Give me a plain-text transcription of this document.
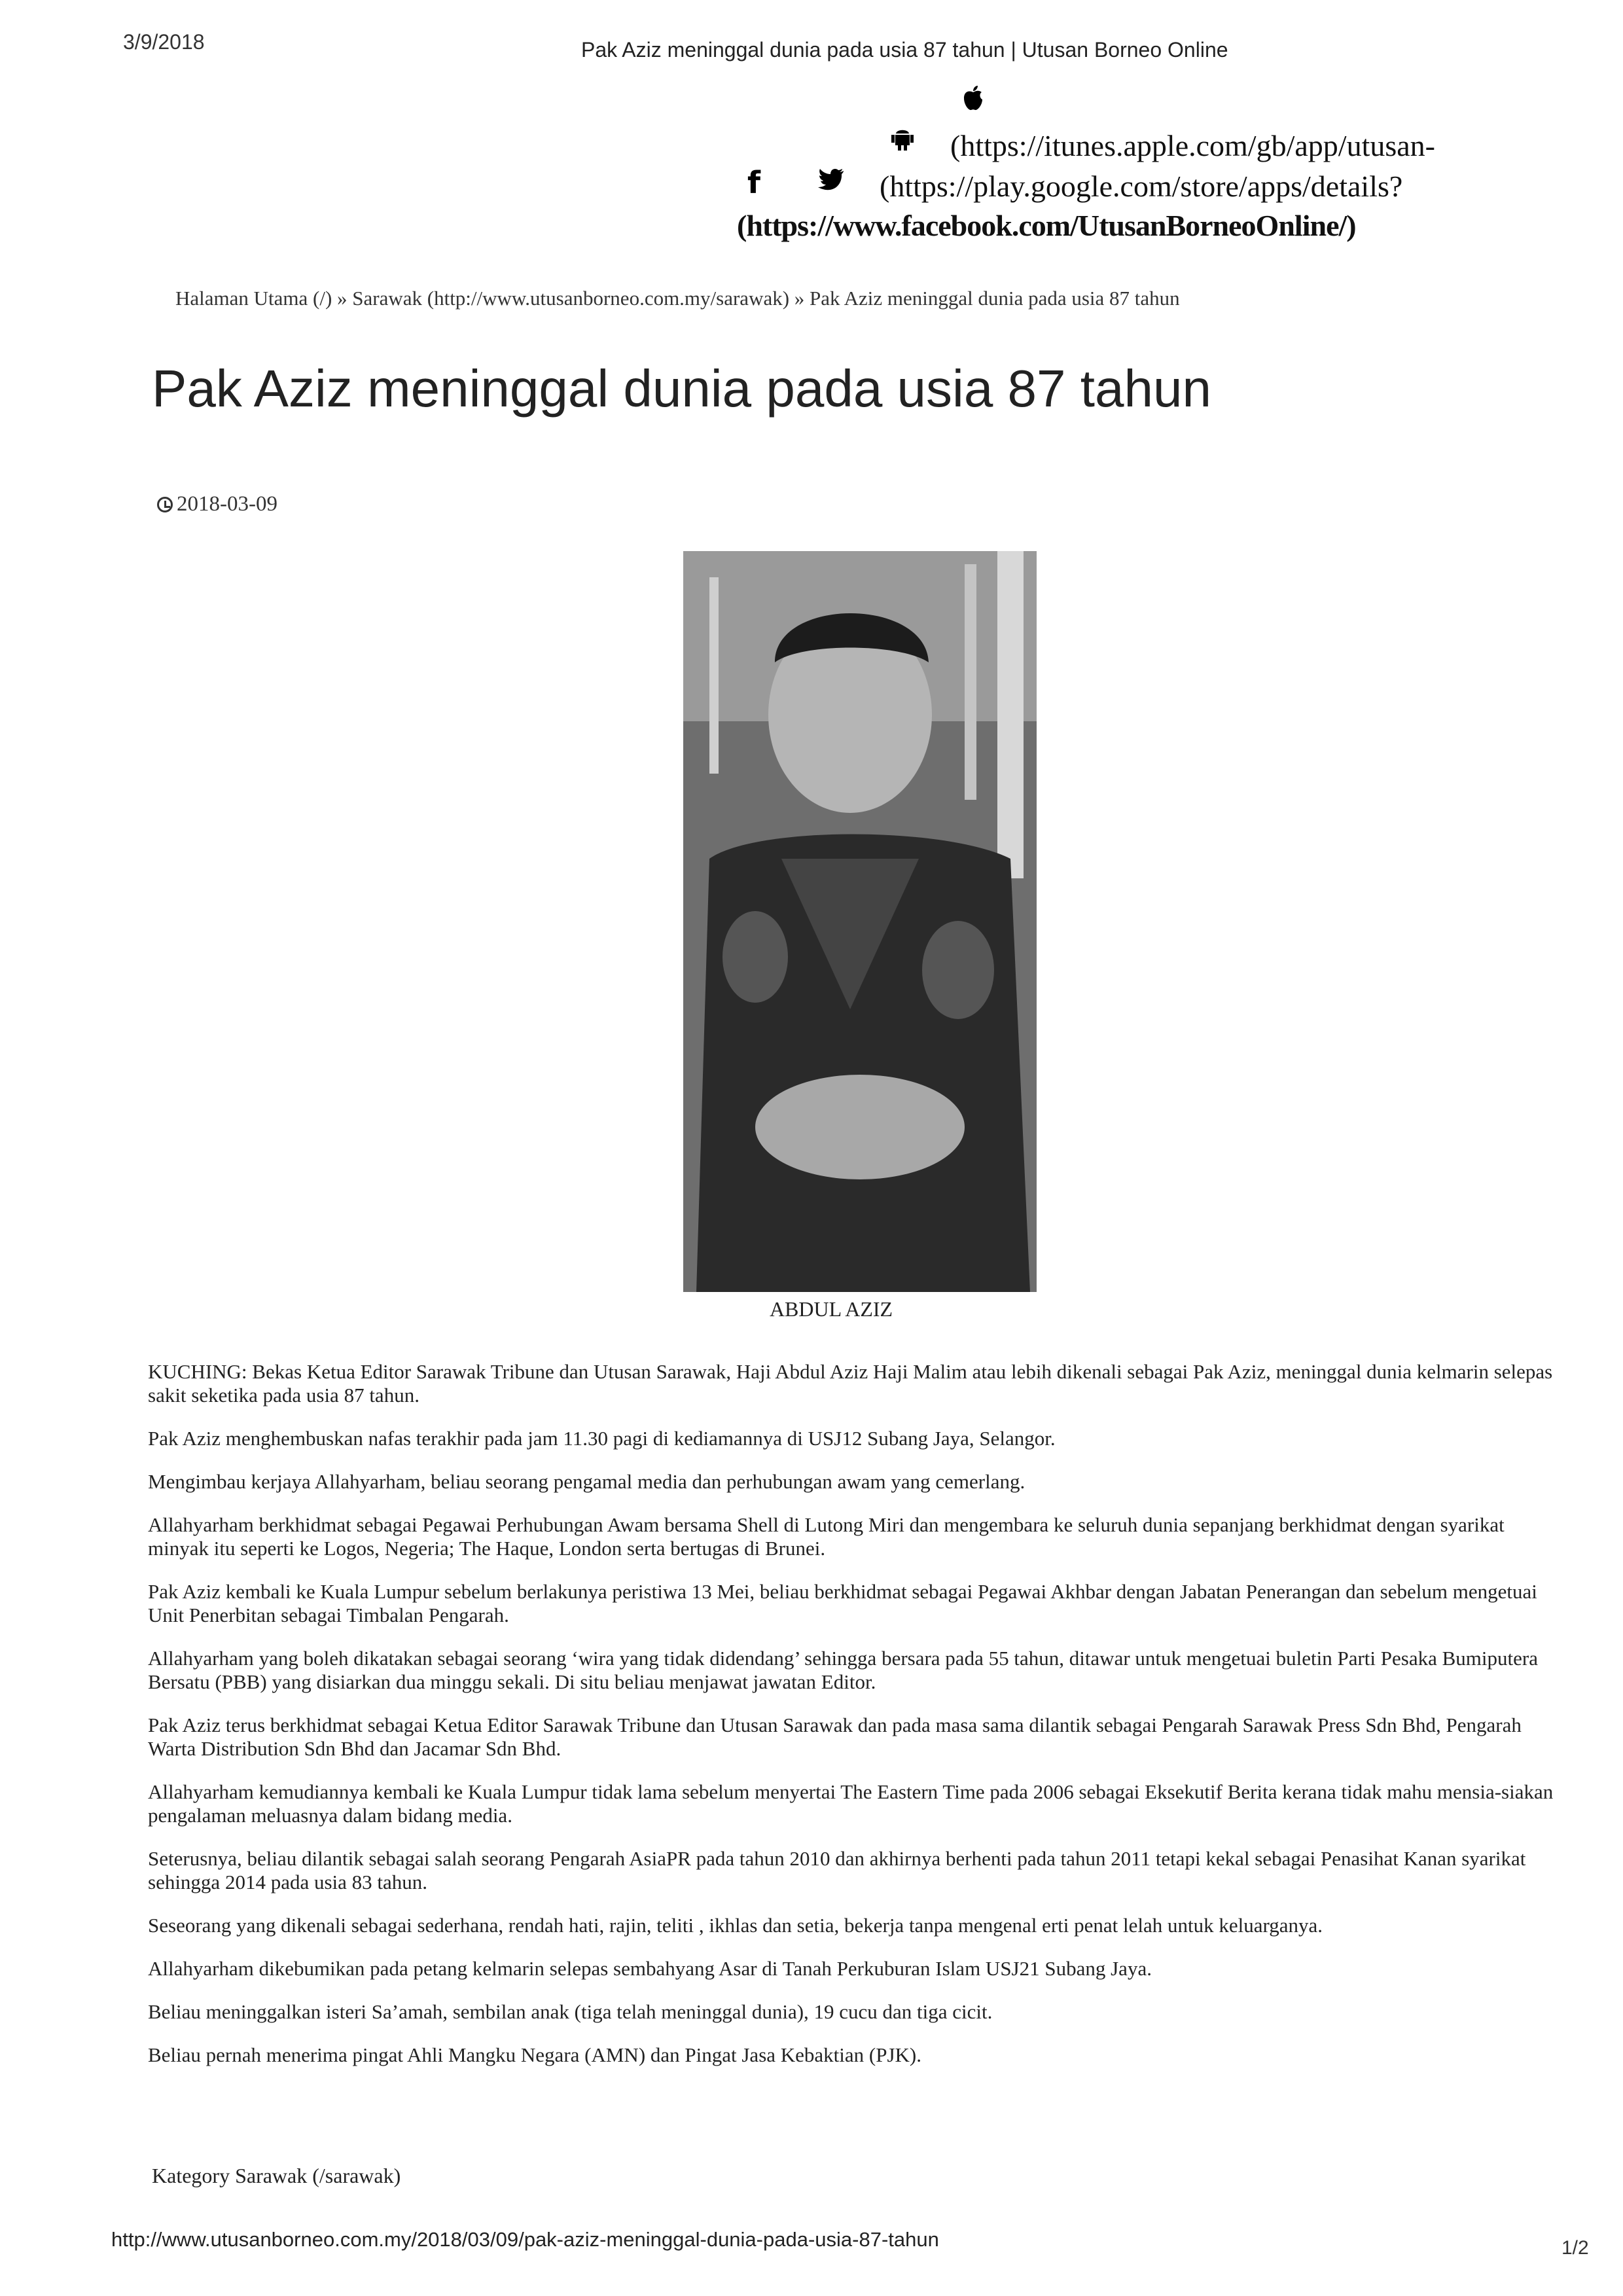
3/9/2018	Pak Aziz meninggal dunia pada usia 87 tahun | Utusan Borneo Online
f
(https://itunes.apple.com/gb/app/utusan-
(https://play.google.com/store/apps/details?
(https://www.facebook.com/UtusanBorneoOnline/)
Halaman Utama (/) » Sarawak (http://www.utusanborneo.com.my/sarawak) » Pak Aziz meninggal dunia pada usia 87 tahun
Pak Aziz meninggal dunia pada usia 87 tahun
2018-03-09
ABDUL AZIZ

KUCHING: Bekas Ketua Editor Sarawak Tribune dan Utusan Sarawak, Haji Abdul Aziz Haji Malim atau lebih dikenali sebagai Pak Aziz, meninggal dunia kelmarin selepas sakit seketika pada usia 87 tahun.

Pak Aziz menghembuskan nafas terakhir pada jam 11.30 pagi di kediamannya di USJ12 Subang Jaya, Selangor.

Mengimbau kerjaya Allahyarham, beliau seorang pengamal media dan perhubungan awam yang cemerlang.

Allahyarham berkhidmat sebagai Pegawai Perhubungan Awam bersama Shell di Lutong Miri dan mengembara ke seluruh dunia sepanjang berkhidmat dengan syarikat minyak itu seperti ke Logos, Negeria; The Haque, London serta bertugas di Brunei.

Pak Aziz kembali ke Kuala Lumpur sebelum berlakunya peristiwa 13 Mei, beliau berkhidmat sebagai Pegawai Akhbar dengan Jabatan Penerangan dan sebelum mengetuai Unit Penerbitan sebagai Timbalan Pengarah.

Allahyarham yang boleh dikatakan sebagai seorang ‘wira yang tidak didendang’ sehingga bersara pada 55 tahun, ditawar untuk mengetuai buletin Parti Pesaka Bumiputera Bersatu (PBB) yang disiarkan dua minggu sekali. Di situ beliau menjawat jawatan Editor.

Pak Aziz terus berkhidmat sebagai Ketua Editor Sarawak Tribune dan Utusan Sarawak dan pada masa sama dilantik sebagai Pengarah Sarawak Press Sdn Bhd, Pengarah Warta Distribution Sdn Bhd dan Jacamar Sdn Bhd.

Allahyarham kemudiannya kembali ke Kuala Lumpur tidak lama sebelum menyertai The Eastern Time pada 2006 sebagai Eksekutif Berita kerana tidak mahu mensia-siakan pengalaman meluasnya dalam bidang media.

Seterusnya, beliau dilantik sebagai salah seorang Pengarah AsiaPR pada tahun 2010 dan akhirnya berhenti pada tahun 2011 tetapi kekal sebagai Penasihat Kanan syarikat sehingga 2014 pada usia 83 tahun.

Seseorang yang dikenali sebagai sederhana, rendah hati, rajin, teliti , ikhlas dan setia, bekerja tanpa mengenal erti penat lelah untuk keluarganya.

Allahyarham dikebumikan pada petang kelmarin selepas sembahyang Asar di Tanah Perkuburan Islam USJ21 Subang Jaya.

Beliau meninggalkan isteri Sa’amah, sembilan anak (tiga telah meninggal dunia), 19 cucu dan tiga cicit.

Beliau pernah menerima pingat Ahli Mangku Negara (AMN) dan Pingat Jasa Kebaktian (PJK).

Kategory Sarawak (/sarawak)
http://www.utusanborneo.com.my/2018/03/09/pak-aziz-meninggal-dunia-pada-usia-87-tahun	1/2
